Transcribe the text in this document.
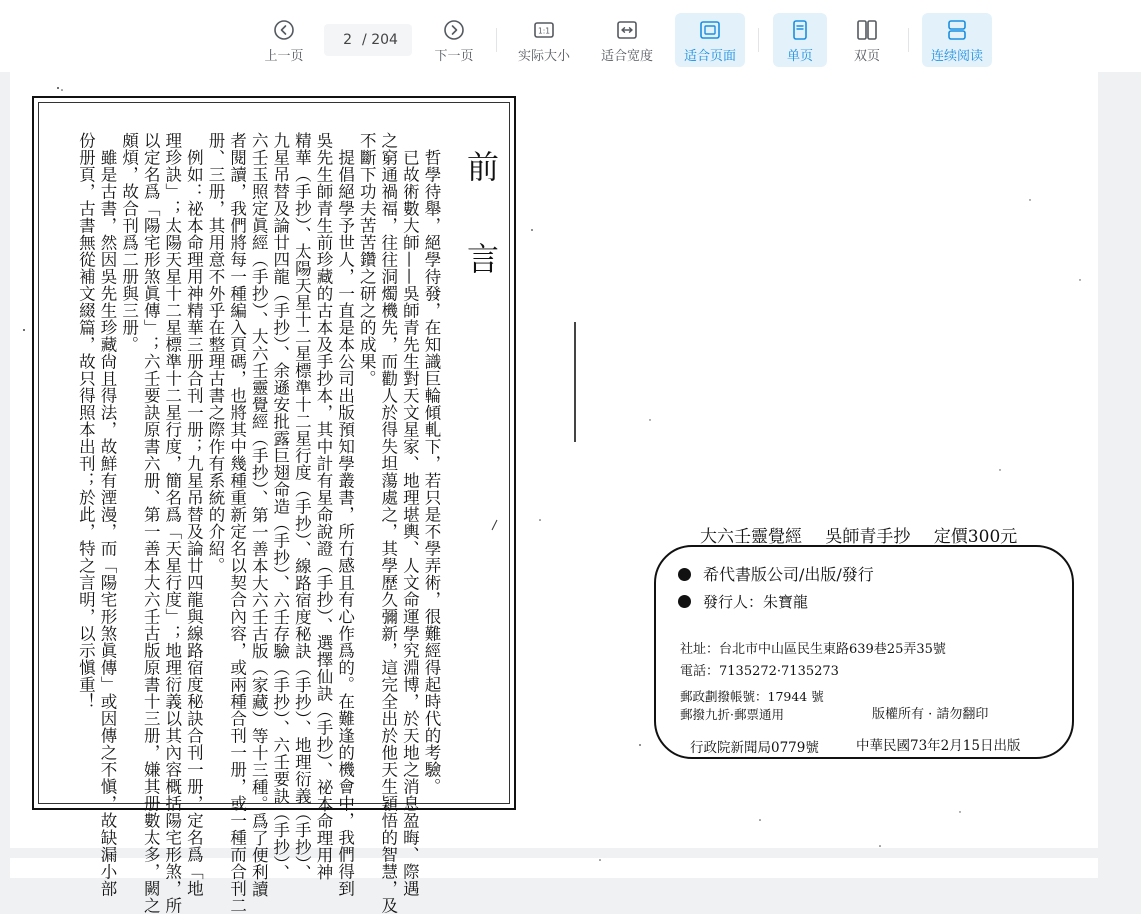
上一页
2 / 204
下一页
1:1
实际大小 适合宽度 适合页面	单页	双页	连续阅读
前　言
　哲學待舉，絕學待發，在知識巨輪傾軋下，若只是不學弄術，很難經得起時代的考驗。
　已故術數大師——吳師青先生對天文星家、地理堪輿、人文命運學究淵博，於天地之消息盈晦、際遇
之窮通禍福，往往洞燭機先，而勸人於得失坦蕩處之，其學歷久彌新，這完全出於他天生穎悟的智慧，及
不斷下功夫苦苦鑽之研之的成果。
　提倡絕學予世人，一直是本公司出版預知學叢書，所冇感且有心作爲的。在難逢的機會中，我們得到
吳先生師青生前珍藏的古本及手抄本，其中計有星命說證（手抄）、選擇仙訣（手抄）、祕本命理用神
精華（手抄）、太陽天星十二星標準十二星行度（手抄）、線路宿度秘訣（手抄）、地理衍義（手抄）、
九星吊替及論廿四龍（手抄）、余遜安批露巨翅命造（手抄）、六壬存驗（手抄）、六壬要訣（手抄）、
六壬玉照定眞經（手抄）、大六壬靈覺經（手抄）、第一善本大六壬古版（家藏）等十三種。爲了便利讀
者閱讀，我們將每一種編入頁碼，也將其中幾種重新定名以契合內容，或兩種合刊一册，或一種而合刊二
册、三册，其用意不外乎在整理古書之際作有系統的介紹。
　例如：祕本命理用神精華三册合刊一册；九星吊替及論廿四龍與線路宿度秘訣合刊一册，定名爲「地
理珍訣」；太陽天星十二星標準十二星行度，簡名爲「天星行度」；地理衍義以其內容概括陽宅形煞，所
以定名爲「陽宅形煞眞傳」；六壬要訣原書六册、第一善本大六壬古版原書十三册，嫌其册數太多，闕之
頗煩，故合刊爲二册與三册。
　雖是古書，然因吳先生珍藏尙且得法，故鮮有湮漫，而「陽宅形煞眞傳」或因傳之不愼，故缺漏小部
份册頁，古書無從補文綴篇，故只得照本出刊；於此，特之言明，以示愼重！	大六壬靈覺經 吳師青手抄 定價300元
希代書版公司/出版/發行
發行人：朱寶龍
社址：台北市中山區民生東路639巷25弄35號
電話：7135272·7135273
郵政劃撥帳號：17944 號
郵撥九折·郵票通用	版權所有 · 請勿翻印
行政院新聞局0779號	中華民國73年2月15日出版
